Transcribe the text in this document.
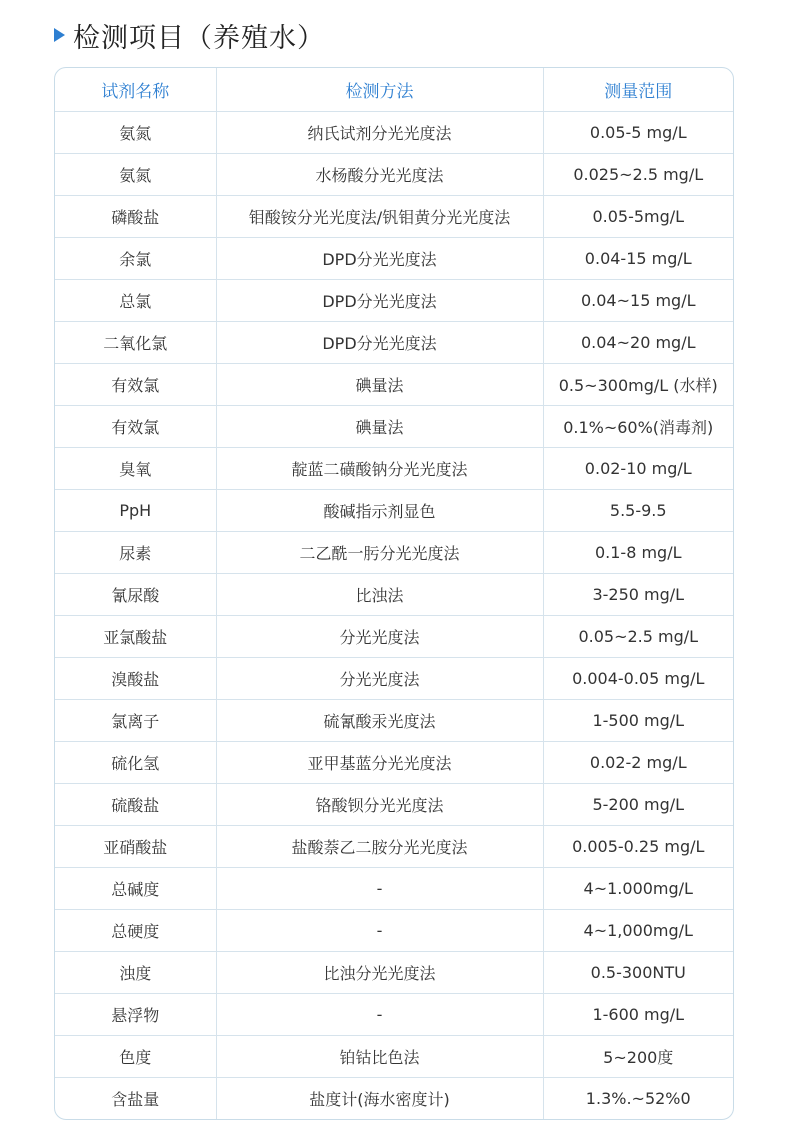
检测项目（养殖水）
试剂名称	检测方法	测量范围
氨氮	纳氏试剂分光光度法	0.05-5 mg/L
氨氮	水杨酸分光光度法	0.025~2.5 mg/L
磷酸盐	钼酸铵分光光度法/钒钼黄分光光度法	0.05-5mg/L
余氯	DPD分光光度法	0.04-15 mg/L
总氯	DPD分光光度法	0.04~15 mg/L
二氧化氯	DPD分光光度法	0.04~20 mg/L
有效氯	碘量法	0.5~300mg/L (水样)
有效氯	碘量法	0.1%~60%(消毒剂)
臭氧	靛蓝二磺酸钠分光光度法	0.02-10 mg/L
PpH	酸碱指示剂显色	5.5-9.5
尿素	二乙酰一肟分光光度法	0.1-8 mg/L
氰尿酸	比浊法	3-250 mg/L
亚氯酸盐	分光光度法	0.05~2.5 mg/L
溴酸盐	分光光度法	0.004-0.05 mg/L
氯离子	硫氰酸汞光度法	1-500 mg/L
硫化氢	亚甲基蓝分光光度法	0.02-2 mg/L
硫酸盐	铬酸钡分光光度法	5-200 mg/L
亚硝酸盐	盐酸萘乙二胺分光光度法	0.005-0.25 mg/L
总碱度	-	4~1.000mg/L
总硬度	-	4~1,000mg/L
浊度	比浊分光光度法	0.5-300NTU
悬浮物	-	1-600 mg/L
色度	铂钴比色法	5~200度
含盐量	盐度计(海水密度计)	1.3%.~52%0
